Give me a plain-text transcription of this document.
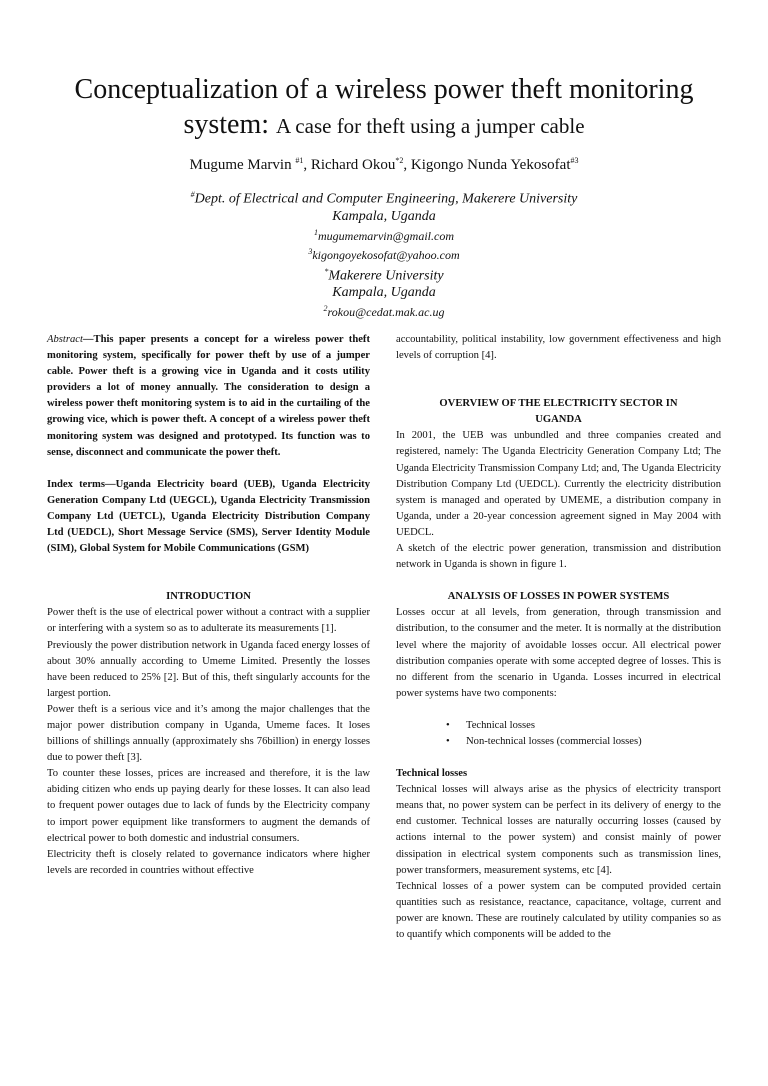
Conceptualization of a wireless power theft monitoring system: A case for theft using a jumper cable
Mugume Marvin $^{\#1}$, Richard Okou$^{*2}$, Kigongo Nunda Yekosofat$^{\#3}$
#Dept. of Electrical and Computer Engineering, Makerere University
Kampala, Uganda
$^1$mugumemarvin@gmail.com
$^3$kigongoyekosofat@yahoo.com
*Makerere University
Kampala, Uganda
$^2$rokou@cedat.mak.ac.ug

Abstract—This paper presents a concept for a wireless power theft monitoring system, specifically for power theft by use of a jumper cable. Power theft is a growing vice in Uganda and it costs utility providers a lot of money annually. The consideration to design a wireless power theft monitoring system is to aid in the curtailing of the growing vice, which is power theft. A concept of a wireless power theft monitoring system was designed and prototyped. Its function was to sense, disconnect and communicate the power theft.

Index terms—Uganda Electricity board (UEB), Uganda Electricity Generation Company Ltd (UEGCL), Uganda Electricity Transmission Company Ltd (UETCL), Uganda Electricity Distribution Company Ltd (UEDCL), Short Message Service (SMS), Server Identity Module (SIM), Global System for Mobile Communications (GSM)

INTRODUCTION

Power theft is the use of electrical power without a contract with a supplier or interfering with a system so as to adulterate its measurements [1].

Previously the power distribution network in Uganda faced energy losses of about 30% annually according to Umeme Limited. Presently the losses have been reduced to 25% [2]. But of this, theft singularly accounts for the largest portion.

Power theft is a serious vice and it’s among the major challenges that the major power distribution company in Uganda, Umeme faces. It loses billions of shillings annually (approximately shs 76billion) in energy losses due to power theft [3].

To counter these losses, prices are increased and therefore, it is the law abiding citizen who ends up paying dearly for these losses. It can also lead to frequent power outages due to lack of funds by the Electricity company to import power equipment like transformers to augment the demands of electrical power to both domestic and industrial consumers.

Electricity theft is closely related to governance indicators where higher levels are recorded in countries without effective

accountability, political instability, low government effectiveness and high levels of corruption [4].

OVERVIEW OF THE ELECTRICITY SECTOR IN
UGANDA

In 2001, the UEB was unbundled and three companies created and registered, namely: The Uganda Electricity Generation Company Ltd; The Uganda Electricity Transmission Company Ltd; and, The Uganda Electricity Distribution Company Ltd (UEDCL). Currently the electricity distribution system is managed and operated by UMEME, a distribution company in Uganda, under a 20-year concession agreement signed in May 2004 with UEDCL.

A sketch of the electric power generation, transmission and distribution network in Uganda is shown in figure 1.

ANALYSIS OF LOSSES IN POWER SYSTEMS

Losses occur at all levels, from generation, through transmission and distribution, to the consumer and the meter. It is normally at the distribution level where the majority of avoidable losses occur. All electrical power distribution companies operate with some accepted degree of losses. This is no different from the scenario in Uganda. Losses incurred in electrical power systems have two components:

• Technical losses
• Non-technical losses (commercial losses)

Technical losses

Technical losses will always arise as the physics of electricity transport means that, no power system can be perfect in its delivery of energy to the end customer. Technical losses are naturally occurring losses (caused by actions internal to the power system) and consist mainly of power dissipation in electrical system components such as transmission lines, power transformers, measurement systems, etc [4].

Technical losses of a power system can be computed provided certain quantities such as resistance, reactance, capacitance, voltage, current and power are known. These are routinely calculated by utility companies so as to quantify which components will be added to the
